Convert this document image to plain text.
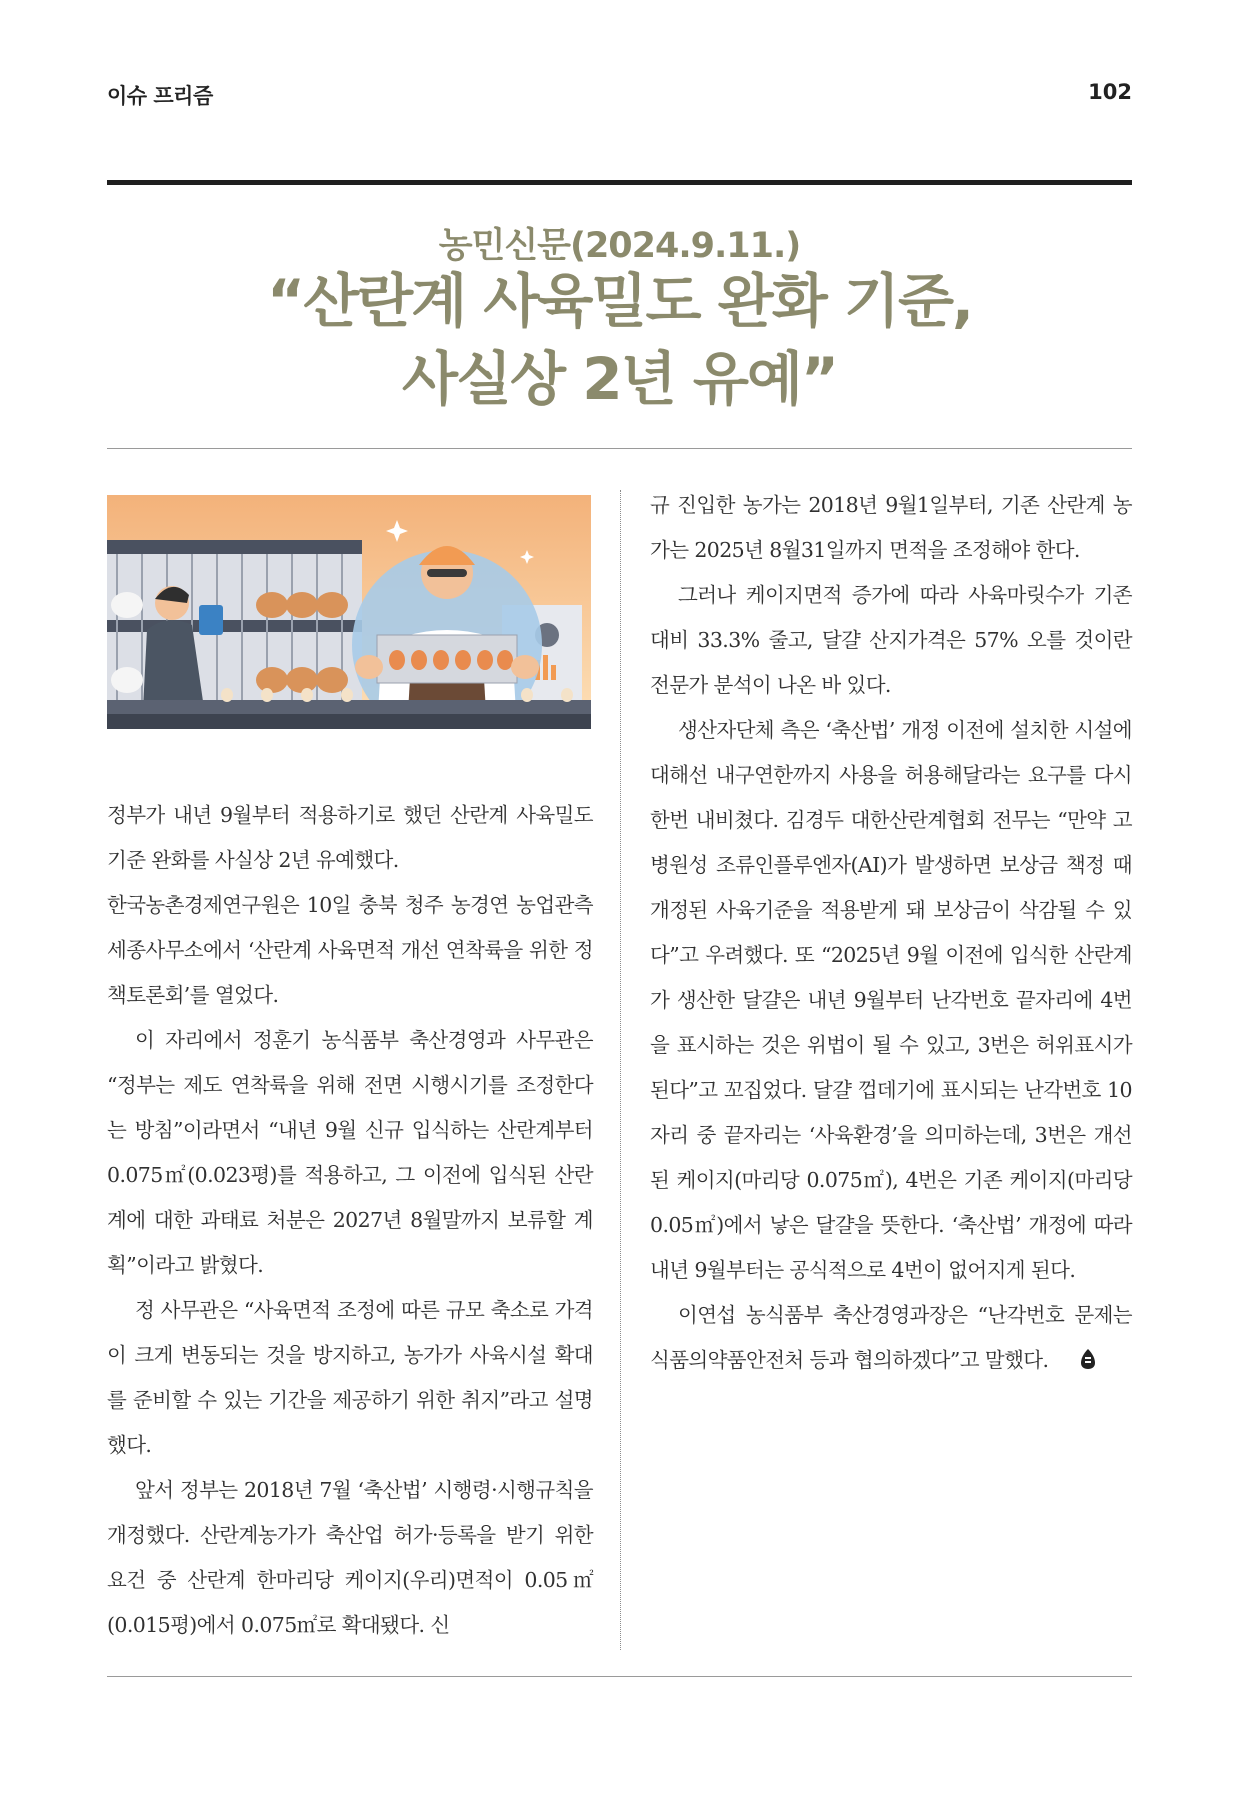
이슈 프리즘	102
농민신문(2024.9.11.)
“산란계 사육밀도 완화 기준,
사실상 2년 유예”

정부가 내년 9월부터 적용하기로 했던 산란계 사육밀도 기준 완화를 사실상 2년 유예했다.

한국농촌경제연구원은 10일 충북 청주 농경연 농업관측세종사무소에서 ‘산란계 사육면적 개선 연착륙을 위한 정책토론회’를 열었다.

이 자리에서 정훈기 농식품부 축산경영과 사무관은 “정부는 제도 연착륙을 위해 전면 시행시기를 조정한다는 방침”이라면서 “내년 9월 신규 입식하는 산란계부터 0.075㎡(0.023평)를 적용하고, 그 이전에 입식된 산란계에 대한 과태료 처분은 2027년 8월말까지 보류할 계획”이라고 밝혔다.

정 사무관은 “사육면적 조정에 따른 규모 축소로 가격이 크게 변동되는 것을 방지하고, 농가가 사육시설 확대를 준비할 수 있는 기간을 제공하기 위한 취지”라고 설명했다.

앞서 정부는 2018년 7월 ‘축산법’ 시행령·시행규칙을 개정했다. 산란계농가가 축산업 허가·등록을 받기 위한 요건 중 산란계 한마리당 케이지(우리)면적이 0.05㎡(0.015평)에서 0.075㎡로 확대됐다. 신

규 진입한 농가는 2018년 9월1일부터, 기존 산란계 농가는 2025년 8월31일까지 면적을 조정해야 한다.

그러나 케이지면적 증가에 따라 사육마릿수가 기존 대비 33.3% 줄고, 달걀 산지가격은 57% 오를 것이란 전문가 분석이 나온 바 있다.

생산자단체 측은 ‘축산법’ 개정 이전에 설치한 시설에 대해선 내구연한까지 사용을 허용해달라는 요구를 다시 한번 내비쳤다. 김경두 대한산란계협회 전무는 “만약 고병원성 조류인플루엔자(AI)가 발생하면 보상금 책정 때 개정된 사육기준을 적용받게 돼 보상금이 삭감될 수 있다”고 우려했다. 또 “2025년 9월 이전에 입식한 산란계가 생산한 달걀은 내년 9월부터 난각번호 끝자리에 4번을 표시하는 것은 위법이 될 수 있고, 3번은 허위표시가 된다”고 꼬집었다. 달걀 껍데기에 표시되는 난각번호 10자리 중 끝자리는 ‘사육환경’을 의미하는데, 3번은 개선된 케이지(마리당 0.075㎡), 4번은 기존 케이지(마리당 0.05㎡)에서 낳은 달걀을 뜻한다. ‘축산법’ 개정에 따라 내년 9월부터는 공식적으로 4번이 없어지게 된다.

이연섭 농식품부 축산경영과장은 “난각번호 문제는 식품의약품안전처 등과 협의하겠다”고 말했다.
